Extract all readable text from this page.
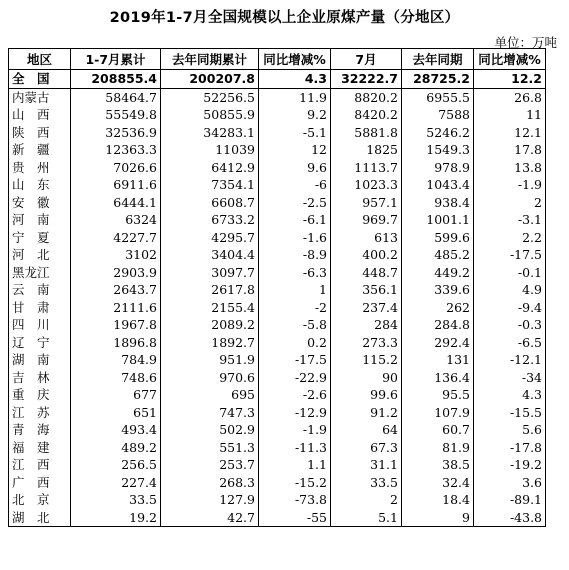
2019年1-7月全国规模以上企业原煤产量（分地区）
单位：万吨
地区	1-7月累计	去年同期累计	同比增减%	7月	去年同期	同比增减%
全　国	208855.4	200207.8	4.3	32222.7	28725.2	12.2
内蒙古	58464.7	52256.5	11.9	8820.2	6955.5	26.8
山　西	55549.8	50855.9	9.2	8420.2	7588	11
陕　西	32536.9	34283.1	-5.1	5881.8	5246.2	12.1
新　疆	12363.3	11039	12	1825	1549.3	17.8
贵　州	7026.6	6412.9	9.6	1113.7	978.9	13.8
山　东	6911.6	7354.1	-6	1023.3	1043.4	-1.9
安　徽	6444.1	6608.7	-2.5	957.1	938.4	2
河　南	6324	6733.2	-6.1	969.7	1001.1	-3.1
宁　夏	4227.7	4295.7	-1.6	613	599.6	2.2
河　北	3102	3404.4	-8.9	400.2	485.2	-17.5
黑龙江	2903.9	3097.7	-6.3	448.7	449.2	-0.1
云　南	2643.7	2617.8	1	356.1	339.6	4.9
甘　肃	2111.6	2155.4	-2	237.4	262	-9.4
四　川	1967.8	2089.2	-5.8	284	284.8	-0.3
辽　宁	1896.8	1892.7	0.2	273.3	292.4	-6.5
湖　南	784.9	951.9	-17.5	115.2	131	-12.1
吉　林	748.6	970.6	-22.9	90	136.4	-34
重　庆	677	695	-2.6	99.6	95.5	4.3
江　苏	651	747.3	-12.9	91.2	107.9	-15.5
青　海	493.4	502.9	-1.9	64	60.7	5.6
福　建	489.2	551.3	-11.3	67.3	81.9	-17.8
江　西	256.5	253.7	1.1	31.1	38.5	-19.2
广　西	227.4	268.3	-15.2	33.5	32.4	3.6
北　京	33.5	127.9	-73.8	2	18.4	-89.1
湖　北	19.2	42.7	-55	5.1	9	-43.8
